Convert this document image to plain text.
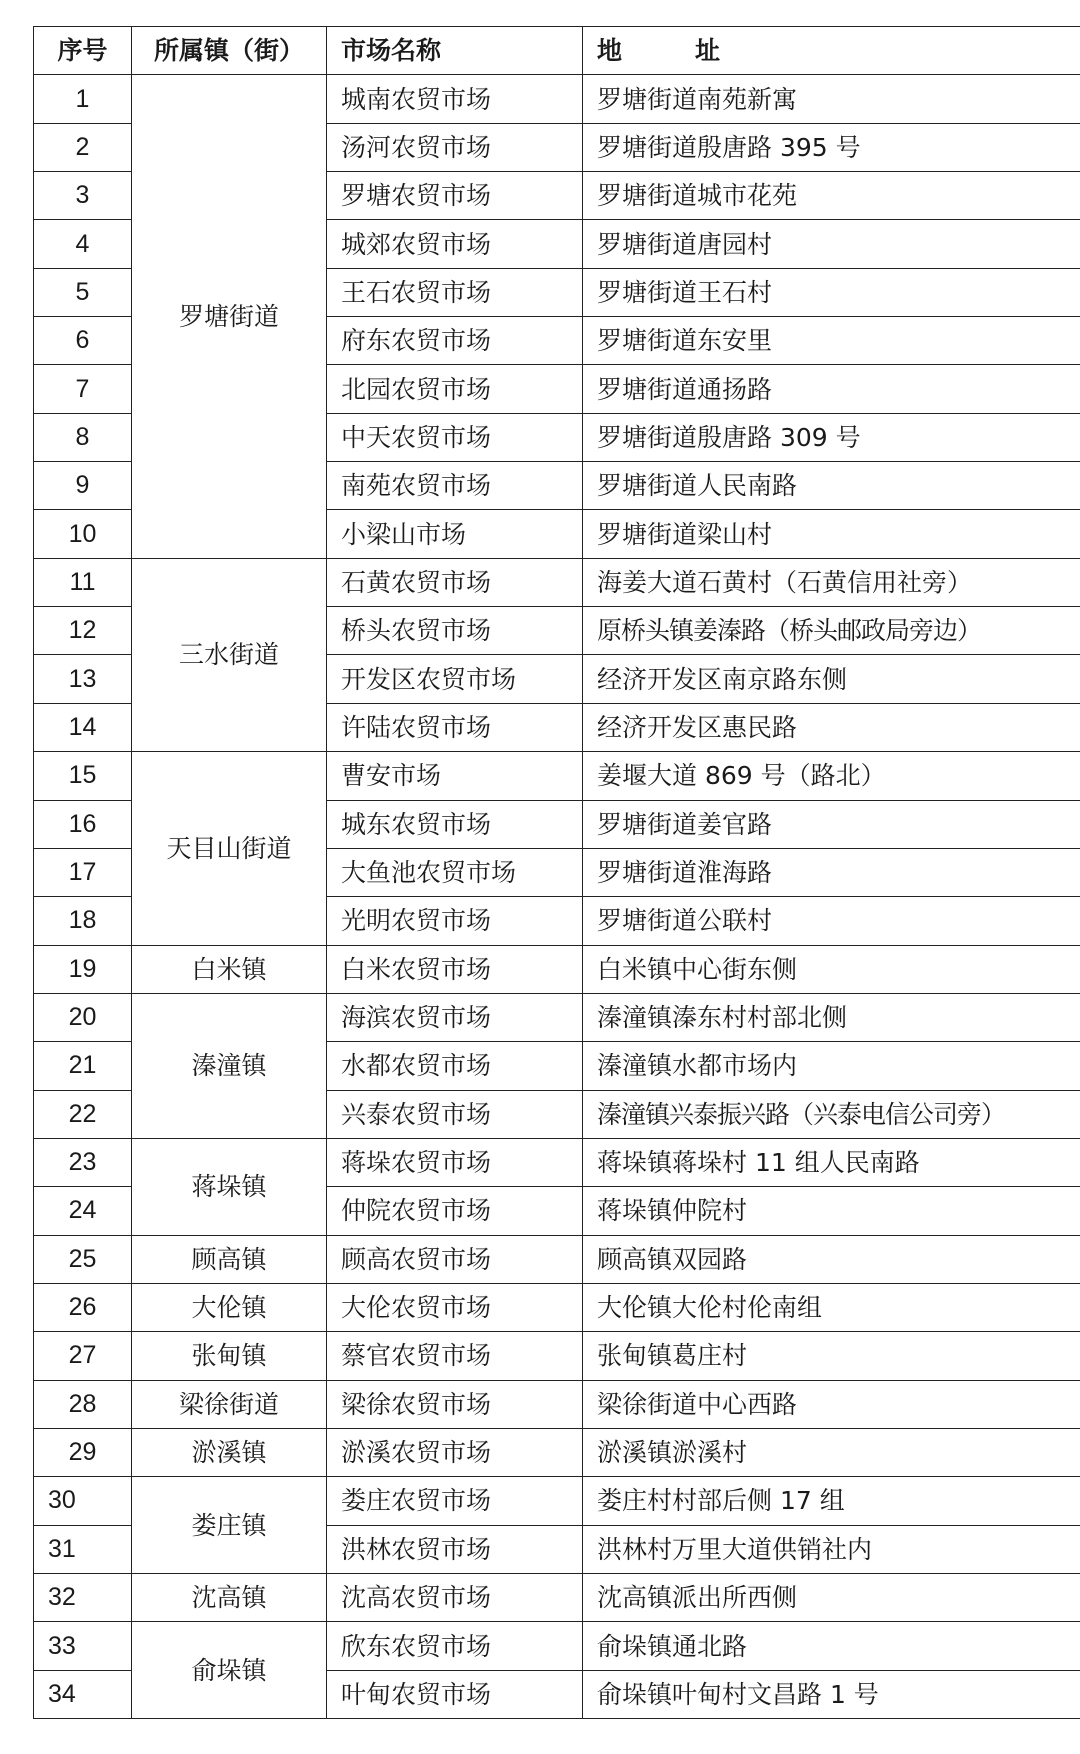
序号	所属镇（街）	市场名称	地　址
1	罗塘街道	城南农贸市场	罗塘街道南苑新寓
2		汤河农贸市场	罗塘街道殷唐路 395 号
3		罗塘农贸市场	罗塘街道城市花苑
4		城郊农贸市场	罗塘街道唐园村
5		王石农贸市场	罗塘街道王石村
6		府东农贸市场	罗塘街道东安里
7		北园农贸市场	罗塘街道通扬路
8		中天农贸市场	罗塘街道殷唐路 309 号
9		南苑农贸市场	罗塘街道人民南路
10		小梁山市场	罗塘街道梁山村
11	三水街道	石黄农贸市场	海姜大道石黄村（石黄信用社旁）
12		桥头农贸市场	原桥头镇姜溱路（桥头邮政局旁边）
13		开发区农贸市场	经济开发区南京路东侧
14		许陆农贸市场	经济开发区惠民路
15	天目山街道	曹安市场	姜堰大道 869 号（路北）
16		城东农贸市场	罗塘街道姜官路
17		大鱼池农贸市场	罗塘街道淮海路
18		光明农贸市场	罗塘街道公联村
19	白米镇	白米农贸市场	白米镇中心街东侧
20	溱潼镇	海滨农贸市场	溱潼镇溱东村村部北侧
21		水都农贸市场	溱潼镇水都市场内
22		兴泰农贸市场	溱潼镇兴泰振兴路（兴泰电信公司旁）
23	蒋垛镇	蒋垛农贸市场	蒋垛镇蒋垛村 11 组人民南路
24		仲院农贸市场	蒋垛镇仲院村
25	顾高镇	顾高农贸市场	顾高镇双园路
26	大伦镇	大伦农贸市场	大伦镇大伦村伦南组
27	张甸镇	蔡官农贸市场	张甸镇葛庄村
28	梁徐街道	梁徐农贸市场	梁徐街道中心西路
29	淤溪镇	淤溪农贸市场	淤溪镇淤溪村
30	娄庄镇	娄庄农贸市场	娄庄村村部后侧 17 组
31		洪林农贸市场	洪林村万里大道供销社内
32	沈高镇	沈高农贸市场	沈高镇派出所西侧
33	俞垛镇	欣东农贸市场	俞垛镇通北路
34		叶甸农贸市场	俞垛镇叶甸村文昌路 1 号
